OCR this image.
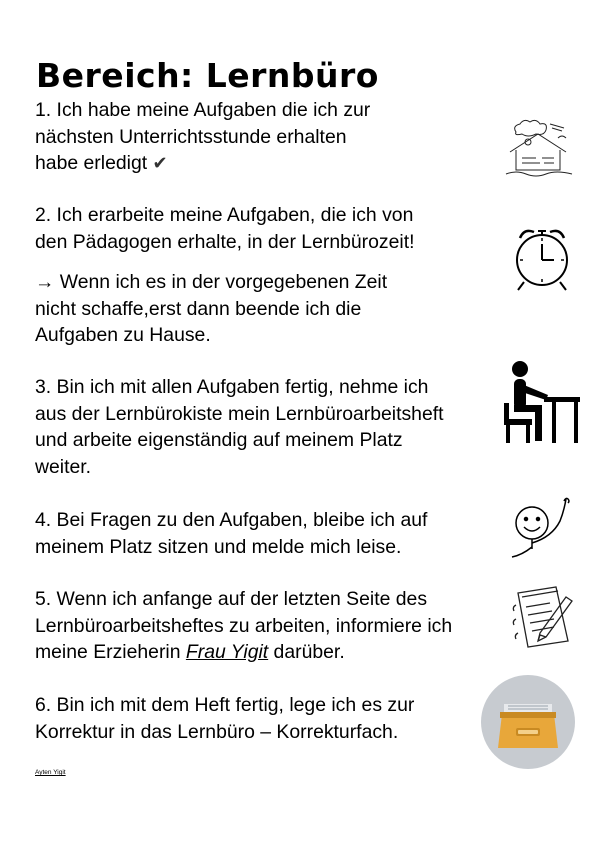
Bereich: Lernbüro

1. Ich habe meine Aufgaben die ich zur
nächsten Unterrichtsstunde erhalten
habe erledigt ✔

2. Ich erarbeite meine Aufgaben, die ich von
den Pädagogen erhalte, in der Lernbürozeit!

→ Wenn ich es in der vorgegebenen Zeit
nicht schaffe,erst dann beende ich die
Aufgaben zu Hause.

3. Bin ich mit allen Aufgaben fertig, nehme ich
aus der Lernbürokiste mein Lernbüroarbeitsheft
und arbeite eigenständig auf meinem Platz
weiter.

4. Bei Fragen zu den Aufgaben, bleibe ich auf
meinem Platz sitzen und melde mich leise.

5. Wenn ich anfange auf der letzten Seite des
Lernbüroarbeitsheftes zu arbeiten, informiere ich
meine Erzieherin Frau Yigit darüber.

6. Bin ich mit dem Heft fertig, lege ich es zur
Korrektur in das Lernbüro – Korrekturfach.

Ayten Yigit
